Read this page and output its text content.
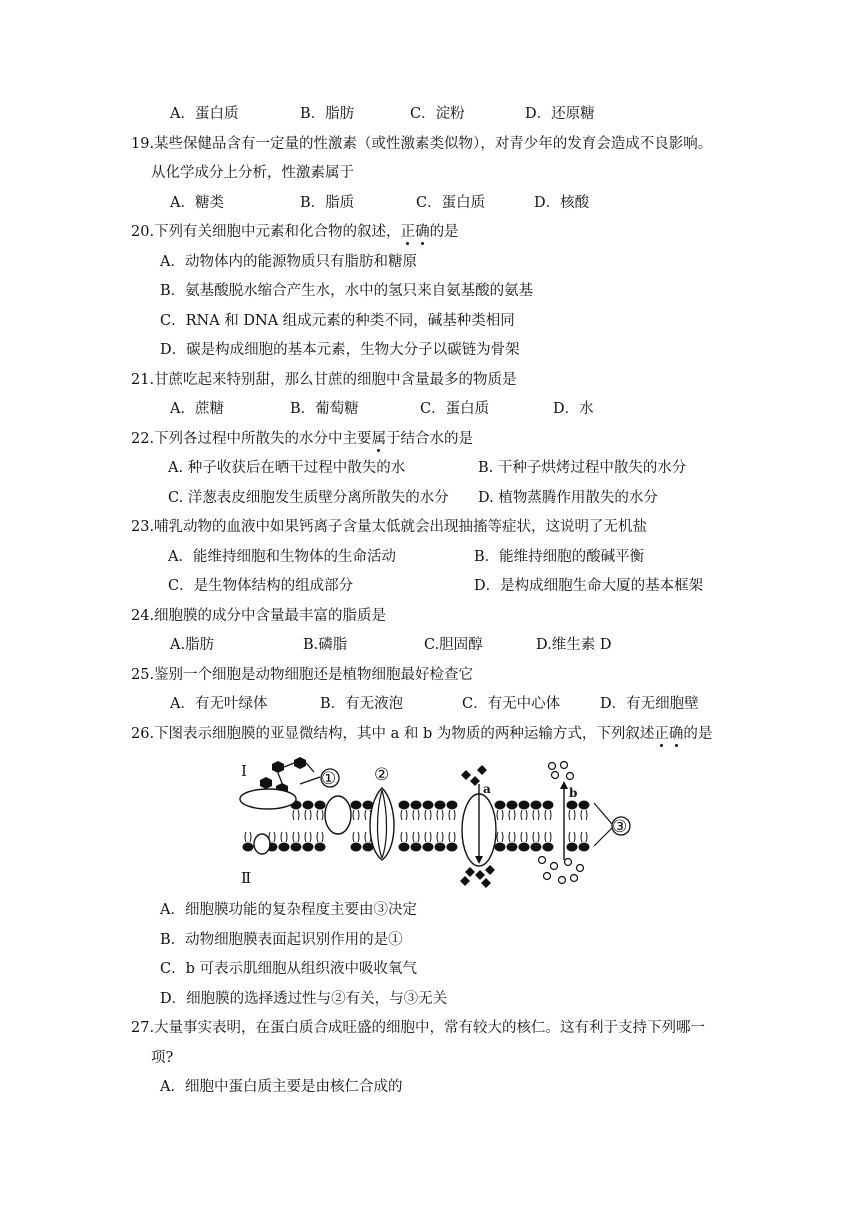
A．蛋白质	B．脂肪	C．淀粉	D．还原糖
19.某些保健品含有一定量的性激素（或性激素类似物），对青少年的发育会造成不良影响。
从化学成分上分析，性激素属于
A．糖类	B．脂质	C．蛋白质	D．核酸
20.下列有关细胞中元素和化合物的叙述，正确的是
A．动物体内的能源物质只有脂肪和糖原
B．氨基酸脱水缩合产生水，水中的氢只来自氨基酸的氨基
C．RNA 和 DNA 组成元素的种类不同，碱基种类相同
D．碳是构成细胞的基本元素，生物大分子以碳链为骨架
21.甘蔗吃起来特别甜，那么甘蔗的细胞中含量最多的物质是
A．蔗糖	B．葡萄糖	C．蛋白质	D．水
22.下列各过程中所散失的水分中主要属于结合水的是
A. 种子收获后在晒干过程中散失的水	B. 干种子烘烤过程中散失的水分
C. 洋葱表皮细胞发生质壁分离所散失的水分 D. 植物蒸腾作用散失的水分
23.哺乳动物的血液中如果钙离子含量太低就会出现抽搐等症状，这说明了无机盐
A．能维持细胞和生物体的生命活动	B．能维持细胞的酸碱平衡
C．是生物体结构的组成部分	D．是构成细胞生命大厦的基本框架
24.细胞膜的成分中含量最丰富的脂质是
A.脂肪	B.磷脂	C.胆固醇	D.维生素 D
25.鉴别一个细胞是动物细胞还是植物细胞最好检查它
A．有无叶绿体	B．有无液泡	C．有无中心体	D．有无细胞壁
26.下图表示细胞膜的亚显微结构，其中 a 和 b 为物质的两种运输方式，下列叙述正确的是
Ⅰ
Ⅱ
① ②
a	b
③
A．细胞膜功能的复杂程度主要由③决定
B．动物细胞膜表面起识别作用的是①
C．b 可表示肌细胞从组织液中吸收氧气
D．细胞膜的选择透过性与②有关，与③无关
27.大量事实表明，在蛋白质合成旺盛的细胞中，常有较大的核仁。这有利于支持下列哪一
项?
A．细胞中蛋白质主要是由核仁合成的
